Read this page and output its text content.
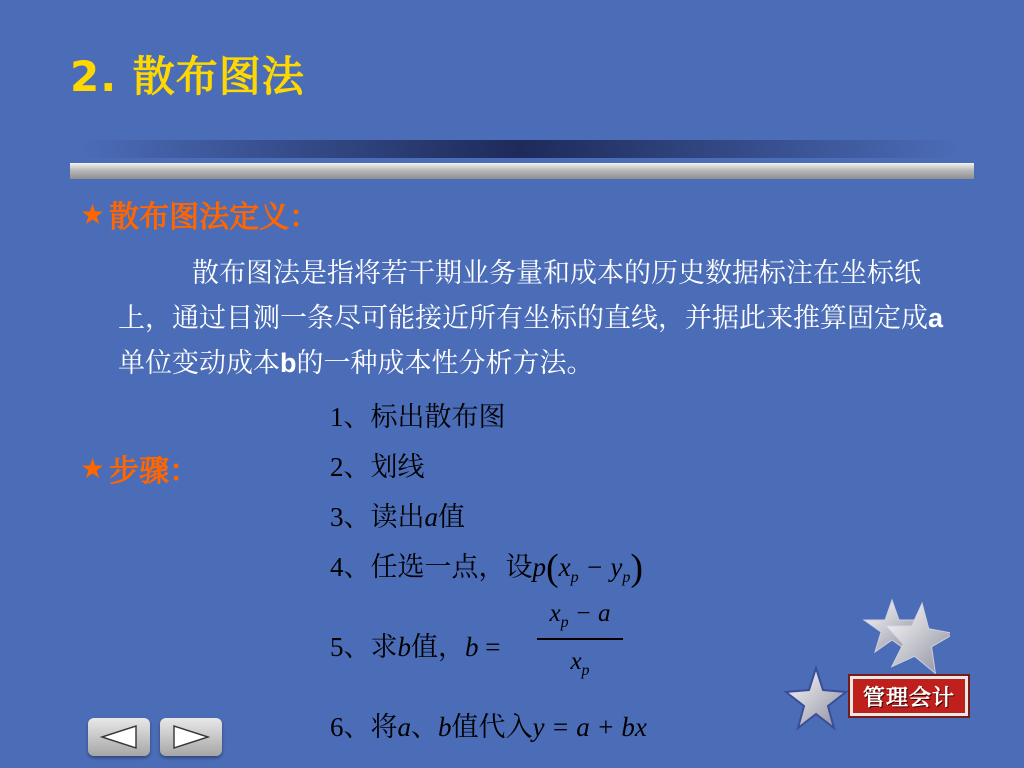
2. 散布图法
★ 散布图法定义：

散布图法是指将若干期业务量和成本的历史数据标注在坐标纸上，通过目测一条尽可能接近所有坐标的直线，并据此来推算固定成a单位变动成本b的一种成本性分析方法。

★ 步骤：
1、标出散布图
2、划线
3、读出a值
4、任选一点，设$p(x_p - y_p)$
5、求b值，b =
$x_p - a$
$x_p$
6、将a、b值代入y = a + bx
管理会计
